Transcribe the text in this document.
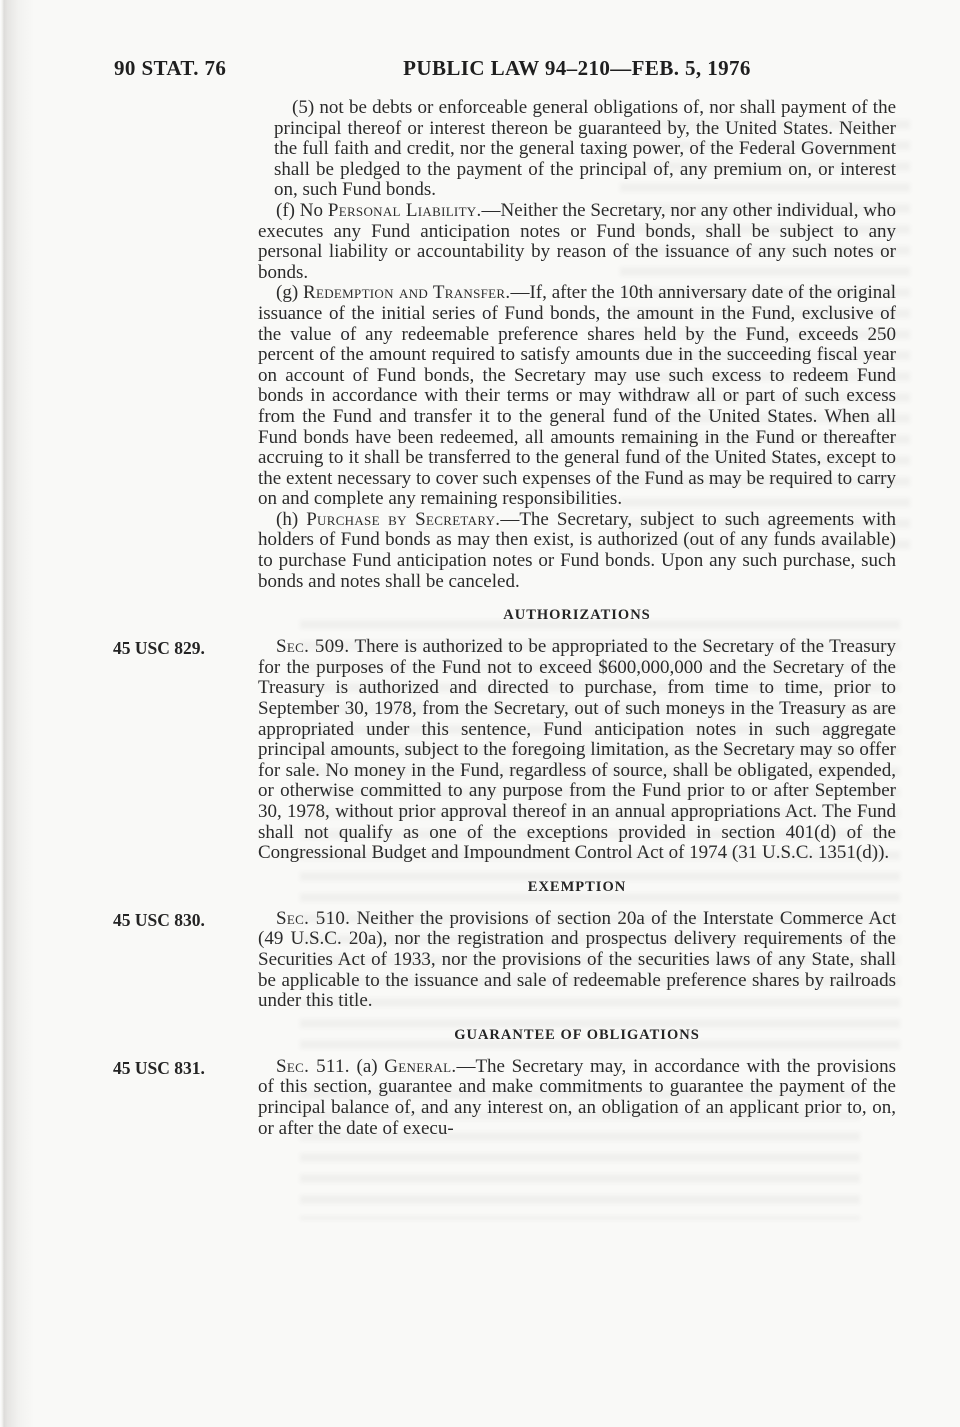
90 STAT. 76	PUBLIC LAW 94–210—FEB. 5, 1976

(5) not be debts or enforceable general obligations of, nor shall payment of the principal thereof or interest thereon be guaranteed by, the United States. Neither the full faith and credit, nor the general taxing power, of the Federal Government shall be pledged to the payment of the principal of, any premium on, or interest on, such Fund bonds.

(f) No Personal Liability.—Neither the Secretary, nor any other individual, who executes any Fund anticipation notes or Fund bonds, shall be subject to any personal liability or accountability by reason of the issuance of any such notes or bonds.

(g) Redemption and Transfer.—If, after the 10th anniversary date of the original issuance of the initial series of Fund bonds, the amount in the Fund, exclusive of the value of any redeemable preference shares held by the Fund, exceeds 250 percent of the amount required to satisfy amounts due in the succeeding fiscal year on account of Fund bonds, the Secretary may use such excess to redeem Fund bonds in accordance with their terms or may withdraw all or part of such excess from the Fund and transfer it to the general fund of the United States. When all Fund bonds have been redeemed, all amounts remaining in the Fund or thereafter accruing to it shall be transferred to the general fund of the United States, except to the extent necessary to cover such expenses of the Fund as may be required to carry on and complete any remaining responsibilities.

(h) Purchase by Secretary.—The Secretary, subject to such agreements with holders of Fund bonds as may then exist, is authorized (out of any funds available) to purchase Fund anticipation notes or Fund bonds. Upon any such purchase, such bonds and notes shall be canceled.

AUTHORIZATIONS

45 USC 829.	Sec. 509. There is authorized to be appropriated to the Secretary of the Treasury for the purposes of the Fund not to exceed $600,000,000 and the Secretary of the Treasury is authorized and directed to purchase, from time to time, prior to September 30, 1978, from the Secretary, out of such moneys in the Treasury as are appropriated under this sentence, Fund anticipation notes in such aggregate principal amounts, subject to the foregoing limitation, as the Secretary may so offer for sale. No money in the Fund, regardless of source, shall be obligated, expended, or otherwise committed to any purpose from the Fund prior to or after September 30, 1978, without prior approval thereof in an annual appropriations Act. The Fund shall not qualify as one of the exceptions provided in section 401(d) of the Congressional Budget and Impoundment Control Act of 1974 (31 U.S.C. 1351(d)).

EXEMPTION

45 USC 830.	Sec. 510. Neither the provisions of section 20a of the Interstate Commerce Act (49 U.S.C. 20a), nor the registration and prospectus delivery requirements of the Securities Act of 1933, nor the provisions of the securities laws of any State, shall be applicable to the issuance and sale of redeemable preference shares by railroads under this title.

GUARANTEE OF OBLIGATIONS

45 USC 831.	Sec. 511. (a) General.—The Secretary may, in accordance with the provisions of this section, guarantee and make commitments to guarantee the payment of the principal balance of, and any interest on, an obligation of an applicant prior to, on, or after the date of execu-
